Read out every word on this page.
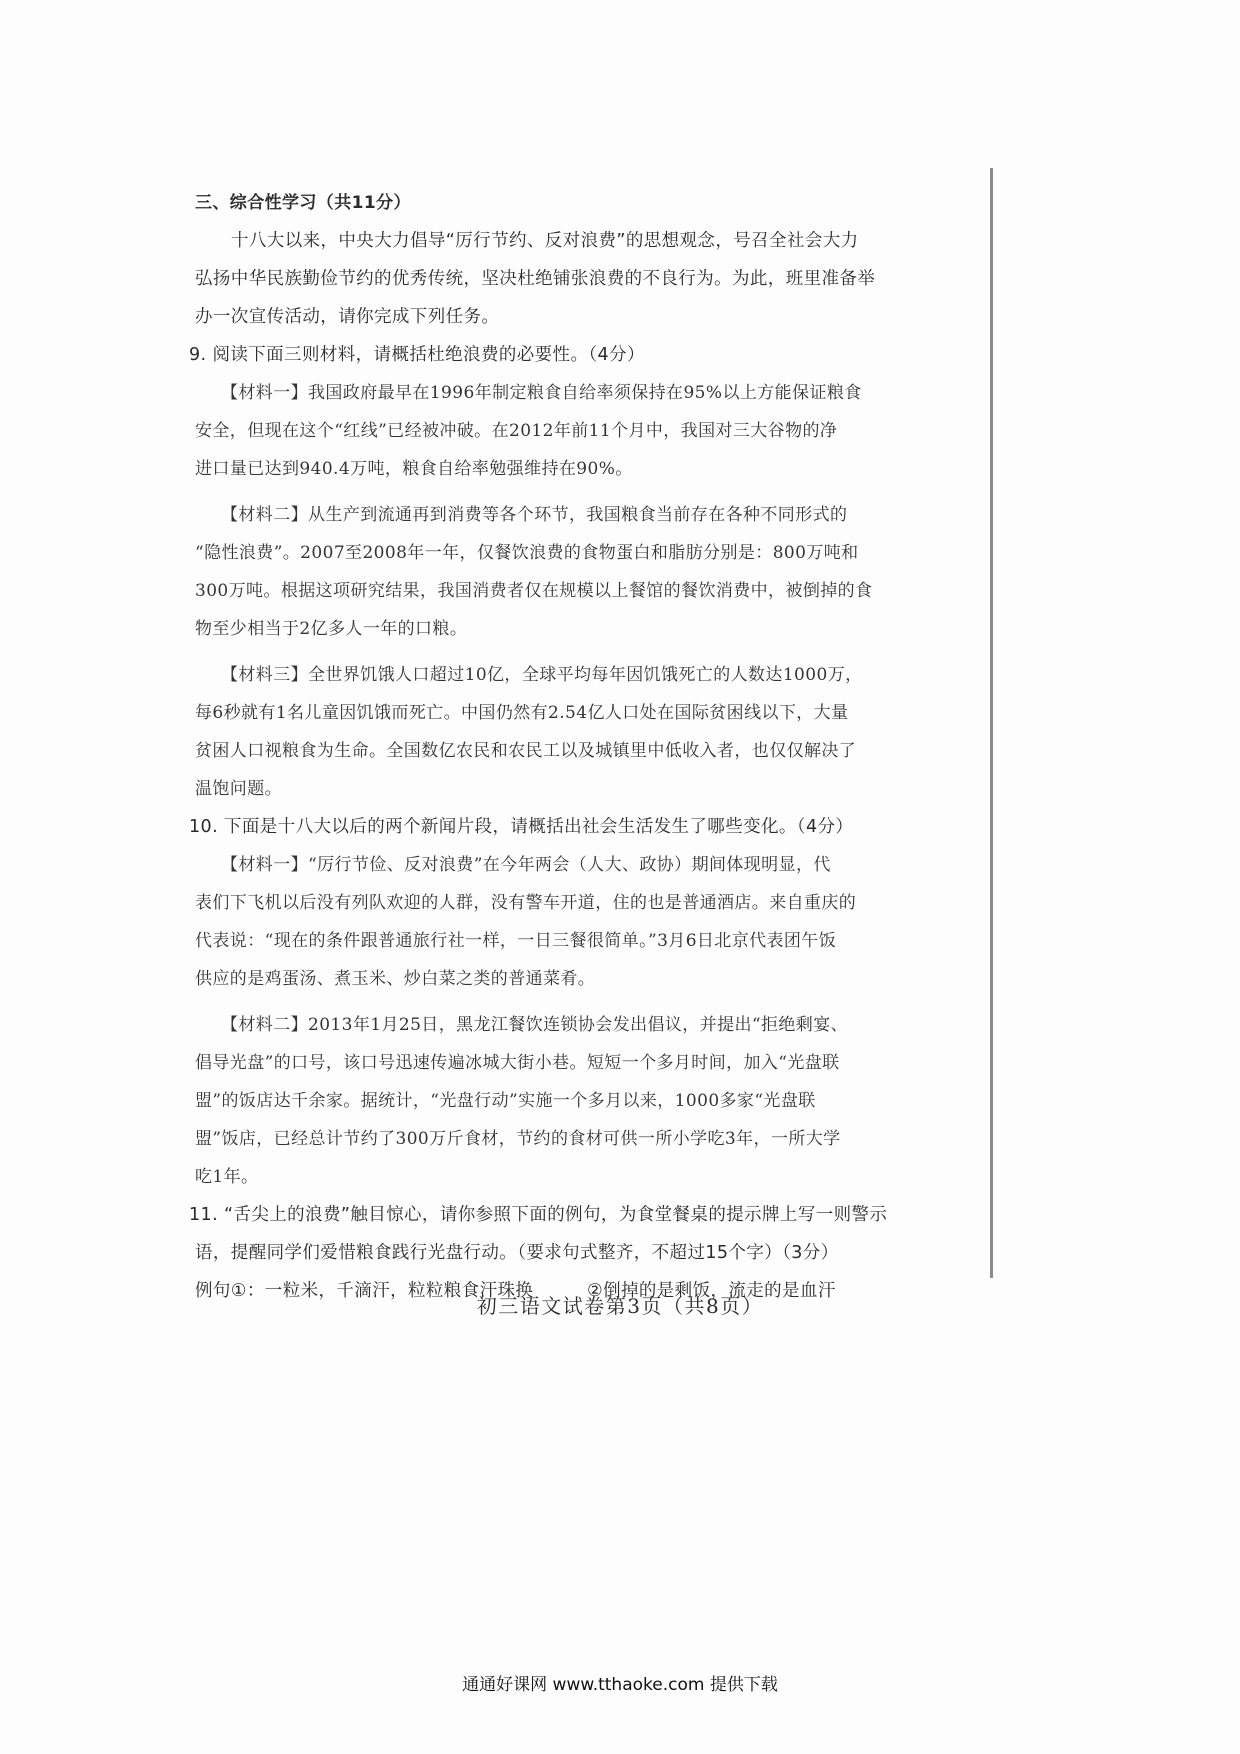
三、综合性学习（共11分）

十八大以来，中央大力倡导“厉行节约、反对浪费”的思想观念，号召全社会大力

弘扬中华民族勤俭节约的优秀传统，坚决杜绝铺张浪费的不良行为。为此，班里准备举

办一次宣传活动，请你完成下列任务。

9. 阅读下面三则材料，请概括杜绝浪费的必要性。（4分）

【材料一】我国政府最早在1996年制定粮食自给率须保持在95%以上方能保证粮食

安全，但现在这个“红线”已经被冲破。在2012年前11个月中，我国对三大谷物的净

进口量已达到940.4万吨，粮食自给率勉强维持在90%。

【材料二】从生产到流通再到消费等各个环节，我国粮食当前存在各种不同形式的

“隐性浪费”。2007至2008年一年，仅餐饮浪费的食物蛋白和脂肪分别是：800万吨和

300万吨。根据这项研究结果，我国消费者仅在规模以上餐馆的餐饮消费中，被倒掉的食

物至少相当于2亿多人一年的口粮。

【材料三】全世界饥饿人口超过10亿，全球平均每年因饥饿死亡的人数达1000万，

每6秒就有1名儿童因饥饿而死亡。中国仍然有2.54亿人口处在国际贫困线以下，大量

贫困人口视粮食为生命。全国数亿农民和农民工以及城镇里中低收入者，也仅仅解决了

温饱问题。

10. 下面是十八大以后的两个新闻片段，请概括出社会生活发生了哪些变化。（4分）

【材料一】“厉行节俭、反对浪费”在今年两会（人大、政协）期间体现明显，代

表们下飞机以后没有列队欢迎的人群，没有警车开道，住的也是普通酒店。来自重庆的

代表说：“现在的条件跟普通旅行社一样，一日三餐很简单。”3月6日北京代表团午饭

供应的是鸡蛋汤、煮玉米、炒白菜之类的普通菜肴。

【材料二】2013年1月25日，黑龙江餐饮连锁协会发出倡议，并提出“拒绝剩宴、

倡导光盘”的口号，该口号迅速传遍冰城大街小巷。短短一个多月时间，加入“光盘联

盟”的饭店达千余家。据统计，“光盘行动”实施一个多月以来，1000多家“光盘联

盟”饭店，已经总计节约了300万斤食材，节约的食材可供一所小学吃3年，一所大学

吃1年。

11. “舌尖上的浪费”触目惊心，请你参照下面的例句，为食堂餐桌的提示牌上写一则警示

语，提醒同学们爱惜粮食践行光盘行动。（要求句式整齐，不超过15个字）（3分）

例句①：一粒米，千滴汗，粒粒粮食汗珠换　　　②倒掉的是剩饭，流走的是血汗

初三语文试卷第3页（共8页）
通通好课网 www.tthaoke.com 提供下载
